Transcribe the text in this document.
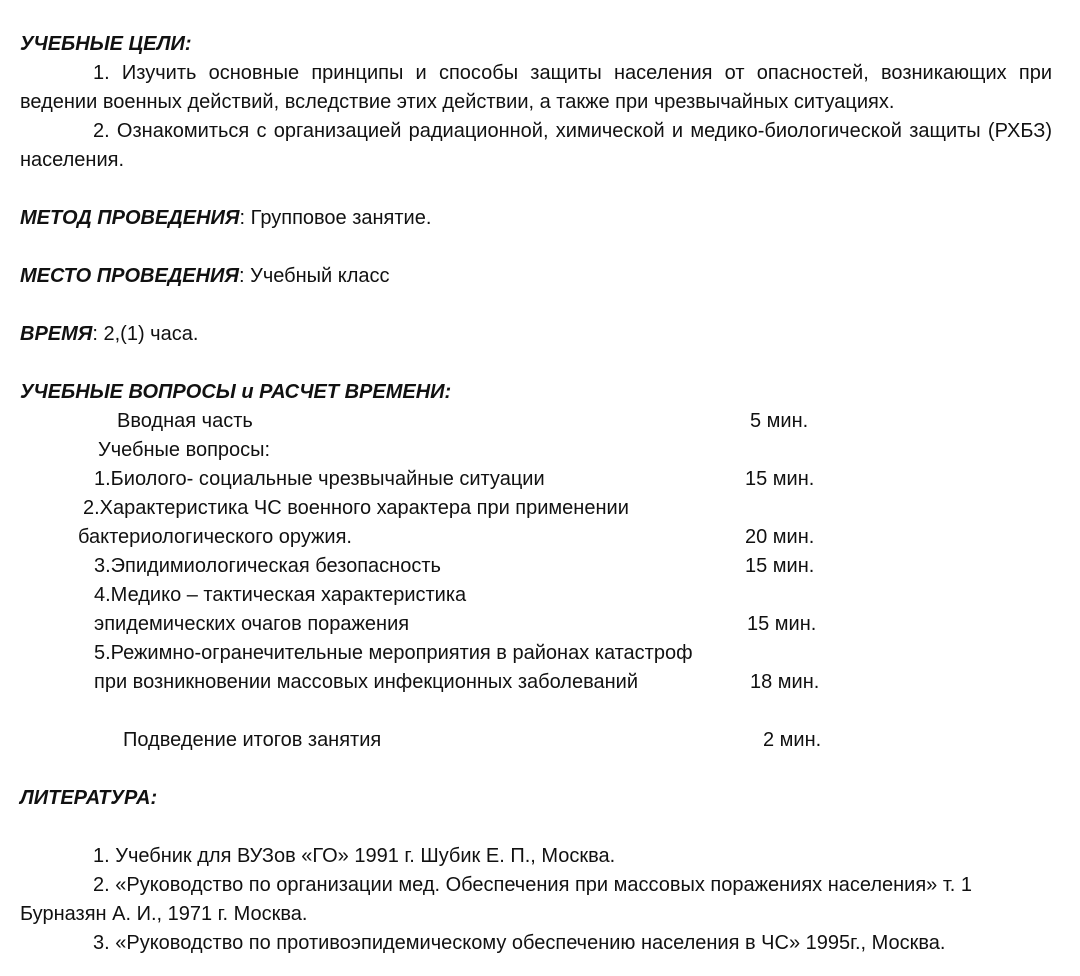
УЧЕБНЫЕ ЦЕЛИ:

1. Изучить основные принципы и способы защиты населения от опасностей, возникающих при ведении военных действий, вследствие этих действии, а также при чрезвычайных ситуациях.

2. Ознакомиться с организацией радиационной, химической и медико-биологической защиты (РХБЗ) населения.

МЕТОД ПРОВЕДЕНИЯ: Групповое занятие.

МЕСТО ПРОВЕДЕНИЯ: Учебный класс

ВРЕМЯ: 2,(1) часа.

УЧЕБНЫЕ ВОПРОСЫ и РАСЧЕТ ВРЕМЕНИ:
Вводная часть	5 мин.
Учебные вопросы:
1.Биолого- социальные чрезвычайные ситуации	15 мин.
2.Характеристика ЧС военного характера при применении
бактериологического оружия.	20 мин.
3.Эпидимиологическая безопасность	15 мин.
4.Медико – тактическая характеристика
эпидемических очагов поражения	15 мин.
5.Режимно-огранечительные мероприятия в районах катастроф
при возникновении массовых инфекционных заболеваний	18 мин.
Подведение итогов занятия	2 мин.
ЛИТЕРАТУРА:

1. Учебник для ВУЗов «ГО» 1991 г. Шубик Е. П., Москва.

2. «Руководство по организации мед. Обеспечения при массовых поражениях населения» т. 1 Бурназян А. И., 1971 г. Москва.

3. «Руководство по противоэпидемическому обеспечению населения в ЧС» 1995г., Москва.
